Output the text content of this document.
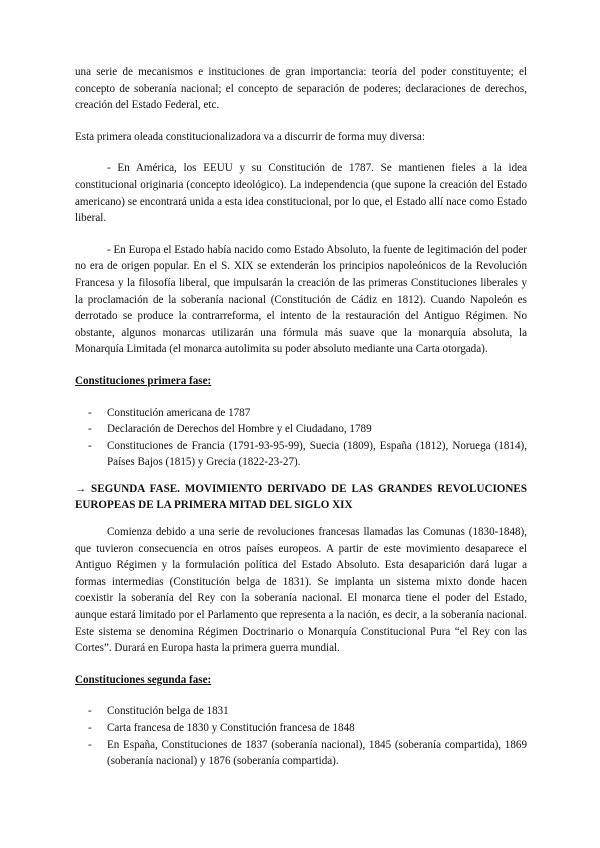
una serie de mecanismos e instituciones de gran importancia: teoría del poder constituyente; el concepto de soberanía nacional; el concepto de separación de poderes; declaraciones de derechos, creación del Estado Federal, etc.

Esta primera oleada constitucionalizadora va a discurrir de forma muy diversa:

- En América, los EEUU y su Constitución de 1787. Se mantienen fieles a la idea constitucional originaria (concepto ideológico). La independencia (que supone la creación del Estado americano) se encontrará unida a esta idea constitucional, por lo que, el Estado allí nace como Estado liberal.

- En Europa el Estado había nacido como Estado Absoluto, la fuente de legitimación del poder no era de origen popular. En el S. XIX se extenderán los principios napoleónicos de la Revolución Francesa y la filosofía liberal, que impulsarán la creación de las primeras Constituciones liberales y la proclamación de la soberanía nacional (Constitución de Cádiz en 1812). Cuando Napoleón es derrotado se produce la contrarreforma, el intento de la restauración del Antiguo Régimen. No obstante, algunos monarcas utilizarán una fórmula más suave que la monarquía absoluta, la Monarquía Limitada (el monarca autolimita su poder absoluto mediante una Carta otorgada).

Constituciones primera fase:

- Constitución americana de 1787
- Declaración de Derechos del Hombre y el Ciudadano, 1789
- Constituciones de Francia (1791-93-95-99), Suecia (1809), España (1812), Noruega (1814), Países Bajos (1815) y Grecia (1822-23-27).

→ SEGUNDA FASE. MOVIMIENTO DERIVADO DE LAS GRANDES REVOLUCIONES EUROPEAS DE LA PRIMERA MITAD DEL SIGLO XIX

Comienza debido a una serie de revoluciones francesas llamadas las Comunas (1830-1848), que tuvieron consecuencia en otros países europeos. A partir de este movimiento desaparece el Antiguo Régimen y la formulación política del Estado Absoluto. Esta desaparición dará lugar a formas intermedias (Constitución belga de 1831). Se implanta un sistema mixto donde hacen coexistir la soberanía del Rey con la soberanía nacional. El monarca tiene el poder del Estado, aunque estará limitado por el Parlamento que representa a la nación, es decir, a la soberanía nacional. Este sistema se denomina Régimen Doctrinario o Monarquía Constitucional Pura “el Rey con las Cortes”. Durará en Europa hasta la primera guerra mundial.

Constituciones segunda fase:

- Constitución belga de 1831
- Carta francesa de 1830 y Constitución francesa de 1848
- En España, Constituciones de 1837 (soberanía nacional), 1845 (soberanía compartida), 1869 (soberanía nacional) y 1876 (soberanía compartida).
